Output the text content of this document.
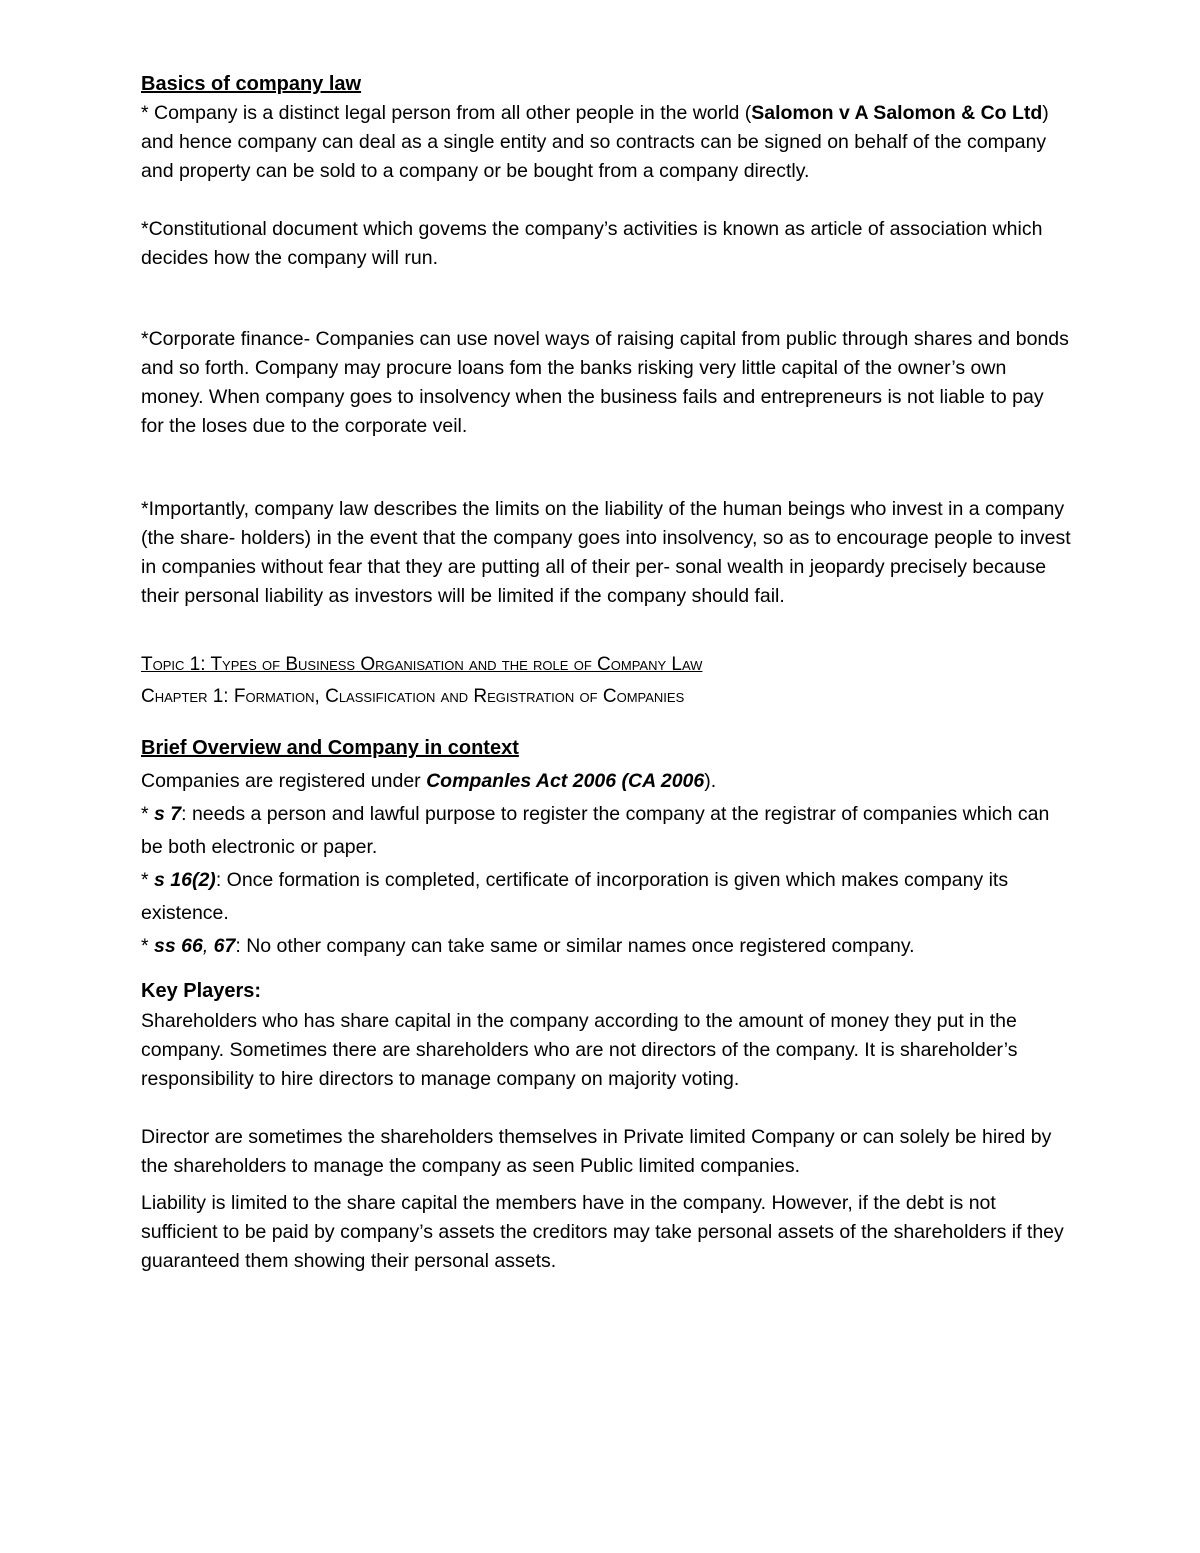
Basics of company law

* Company is a distinct legal person from all other people in the world (Salomon v A Salomon & Co Ltd) and hence company can deal as a single entity and so contracts can be signed on behalf of the company and property can be sold to a company or be bought from a company directly.

*Constitutional document which govems the company’s activities is known as article of association which decides how the company will run.

*Corporate finance- Companies can use novel ways of raising capital from public through shares and bonds and so forth. Company may procure loans fom the banks risking very little capital of the owner’s own money. When company goes to insolvency when the business fails and entrepreneurs is not liable to pay for the loses due to the corporate veil.

*Importantly, company law describes the limits on the liability of the human beings who invest in a company (the share- holders) in the event that the company goes into insolvency, so as to encourage people to invest in companies without fear that they are putting all of their per- sonal wealth in jeopardy precisely because their personal liability as investors will be limited if the company should fail.

Topic 1: Types of Business Organisation and the role of Company Law

Chapter 1: Formation, Classification and Registration of Companies

Brief Overview and Company in context

Companies are registered under Companles Act 2006 (CA 2006).

* s 7: needs a person and lawful purpose to register the company at the registrar of companies which can be both electronic or paper.

* s 16(2): Once formation is completed, certificate of incorporation is given which makes company its existence.

* ss 66, 67: No other company can take same or similar names once registered company.

Key Players:

Shareholders who has share capital in the company according to the amount of money they put in the company. Sometimes there are shareholders who are not directors of the company. It is shareholder’s responsibility to hire directors to manage company on majority voting.

Director are sometimes the shareholders themselves in Private limited Company or can solely be hired by the shareholders to manage the company as seen Public limited companies.

Liability is limited to the share capital the members have in the company. However, if the debt is not sufficient to be paid by company’s assets the creditors may take personal assets of the shareholders if they guaranteed them showing their personal assets.
